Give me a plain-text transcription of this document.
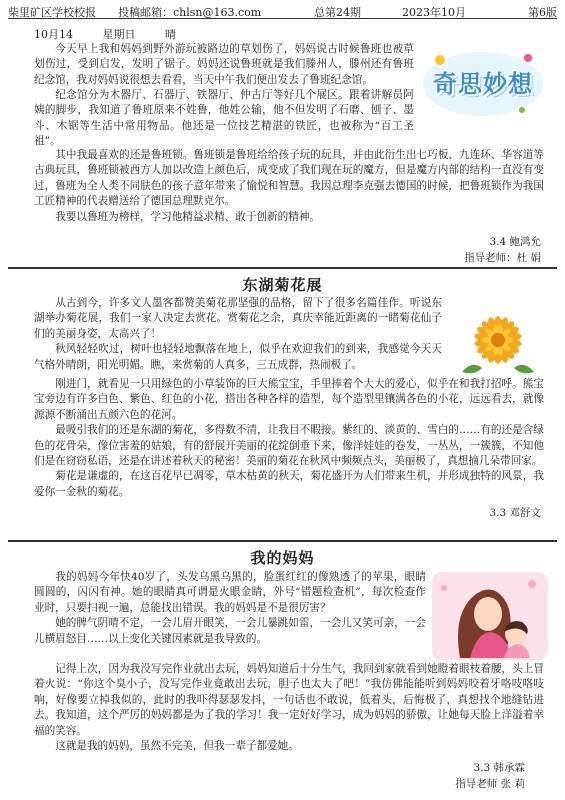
柴里矿区学校校报 投稿邮箱：chlsn@163.com	总第24期	2023年10月	第6版
10月14	星期日	晴
奇思妙想

今天早上我和妈妈到野外游玩被路边的草划伤了，妈妈说古时候鲁班也被草划伤过，受到启发，发明了锯子。妈妈还说鲁班就是我们滕州人，滕州还有鲁班纪念馆，我对妈妈说很想去看看，当天中午我们便出发去了鲁班纪念馆。

纪念馆分为木器厅、石器厅、铁器厅、仲古厅等好几个展区。跟着讲解员阿姨的脚步，我知道了鲁班原来不姓鲁，他姓公输，他不但发明了石磨、刨子、墨斗、木锯等生活中常用物品。他还是一位技艺精湛的铁匠，也被称为“百工圣祖”。

其中我最喜欢的还是鲁班锁。鲁班锁是鲁班给给孩子玩的玩具，并由此衍生出七巧板、九连环、华容道等古典玩具，鲁班锁被西方人加以改造上颜色后，成变成了我们现在玩的魔方，但是魔方内部的结构一直没有变过，鲁班为全人类不同肤色的孩子意年带来了愉悦和智慧。我因总理李克强去德国的时候，把鲁班锁作为我国工匠精神的代表赠送给了德国总理默克尔。

我要以鲁班为榜样，学习他精益求精、敢于创新的精神。

3.4 鲍鸿允
指导老师：杜 娟
东湖菊花展

从古到今，许多文人墨客都赞美菊花那坚强的品格，留下了很多名篇佳作。听说东湖举办菊花展，我们一家人决定去赏花。赏菊花之余，真庆幸能近距离的一睹菊花仙子们的美丽身姿，太高兴了！

秋风轻轻吹过，树叶也轻轻地飘落在地上，似乎在欢迎我们的到来，我感觉今天天气格外晴朗，阳光明媚。瞧，来赏菊的人真多，三五成群，热闹极了。

刚进门，就看见一只用绿色的小草装饰的巨大熊宝宝，手里捧着个大大的爱心，似乎在和我打招呼。熊宝宝旁边有许多白色、紫色、红色的小花，搭出各种各样的造型，每个造型里镶满各色的小花，远远看去，就像源源不断涌出五颜六色的花河。

最吸引我们的还是东湖的菊花，多得数不清，让我目不暇接。紫红的、淡黄的、雪白的……有的还是含绿色的花骨朵，像位害羞的姑娘，有的舒展开美丽的花绽倒垂下来，像洋娃娃的卷发，一丛丛，一簇簇，不知他们是在窃窃私语，还是在讲述着秋天的秘密！美丽的菊花在秋风中频频点头，美丽极了，真想摘几朵带回家。

菊花是谦虚的，在这百花早已凋零，草木枯黄的秋天，菊花盛开为人们带来生机，并形成独特的风景，我爱你一金秋的菊花。

3.3 邓舒文
我的妈妈

我的妈妈今年快40岁了，头发乌黑乌黑的，脸蛋红红的像熟透了的苹果，眼睛圆圆的，闪闪有神。她的眼睛真可谓是火眼金睛，外号“错题检查机”，每次检查作业时，只要扫视一遍，总能找出错误。我的妈妈是不是很厉害？

她的脾气阴晴不定，一会儿眉开眼笑，一会儿暴跳如雷，一会儿又笑可亲，一会儿横眉怒目……以上变化关键因素就是我导致的。

记得上次，因为我没写完作业就出去玩，妈妈知道后十分生气，我回到家就看到她瞪着眼枝着腰，头上冒着火说：“你这个臭小子，没写完作业竟敢出去玩，胆子也太大了吧！”我仿佛能能听到妈妈咬着牙咯吱咯吱响，好像要立掉我似的，此时的我吓得瑟瑟发抖，一句话也不敢说，低着头，后悔极了，真想找个地缝钻进去。我知道，这个严厉的妈妈都是为了我的学习！我一定好好学习，成为妈妈的骄傲，让她每天脸上洋溢着幸福的笑容。

这就是我的妈妈，虽然不完美，但我一辈子都爱她。

3.3 韩承霖
指导老师 张 莉
